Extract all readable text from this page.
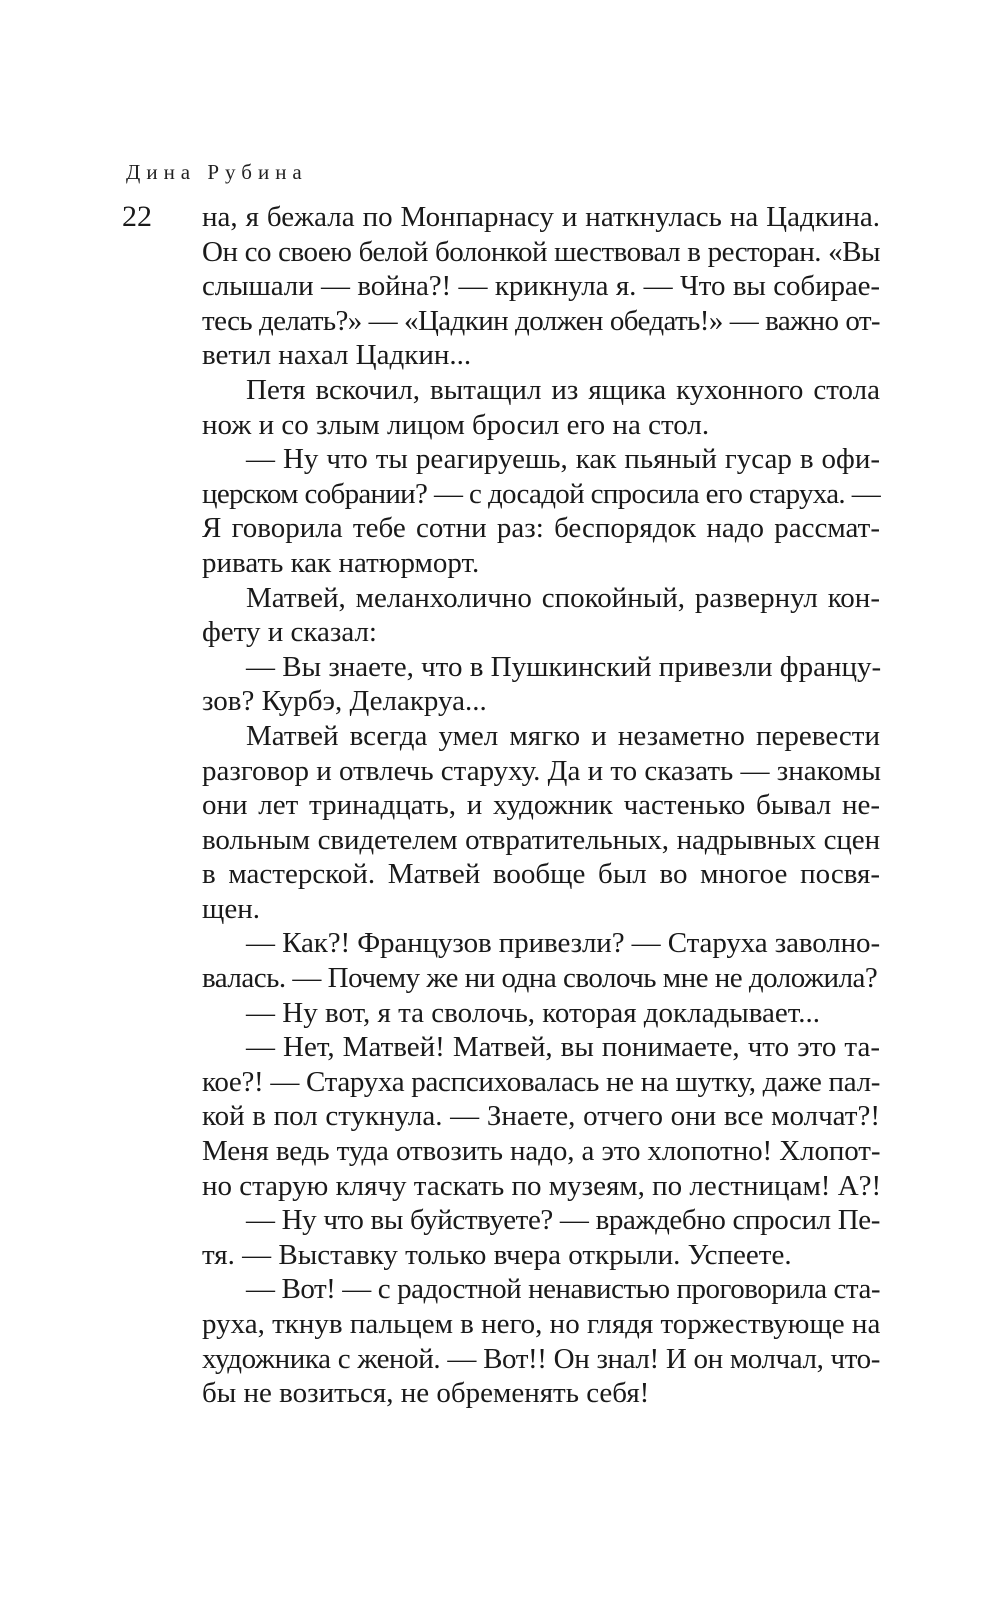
Дина Рубина
22 на, я бежала по Монпарнасу и наткнулась на Цадкина.
Он со своею белой болонкой шествовал в ресторан. «Вы
слышали — война?! — крикнула я. — Что вы собирае-
тесь делать?» — «Цадкин должен обедать!» — важно от-
ветил нахал Цадкин...
Петя вскочил, вытащил из ящика кухонного стола
нож и со злым лицом бросил его на стол.
— Ну что ты реагируешь, как пьяный гусар в офи-
церском собрании? — с досадой спросила его старуха. —
Я говорила тебе сотни раз: беспорядок надо рассмат-
ривать как натюрморт.
Матвей, меланхолично спокойный, развернул кон-
фету и сказал:
— Вы знаете, что в Пушкинский привезли францу-
зов? Курбэ, Делакруа...
Матвей всегда умел мягко и незаметно перевести
разговор и отвлечь старуху. Да и то сказать — знакомы
они лет тринадцать, и художник частенько бывал не-
вольным свидетелем отвратительных, надрывных сцен
в мастерской. Матвей вообще был во многое посвя-
щен.
— Как?! Французов привезли? — Старуха заволно-
валась. — Почему же ни одна сволочь мне не доложила?
— Ну вот, я та сволочь, которая докладывает...
— Нет, Матвей! Матвей, вы понимаете, что это та-
кое?! — Старуха распсиховалась не на шутку, даже пал-
кой в пол стукнула. — Знаете, отчего они все молчат?!
Меня ведь туда отвозить надо, а это хлопотно! Хлопот-
но старую клячу таскать по музеям, по лестницам! А?!
— Ну что вы буйствуете? — враждебно спросил Пе-
тя. — Выставку только вчера открыли. Успеете.
— Вот! — с радостной ненавистью проговорила ста-
руха, ткнув пальцем в него, но глядя торжествующе на
художника с женой. — Вот!! Он знал! И он молчал, что-
бы не возиться, не обременять себя!
